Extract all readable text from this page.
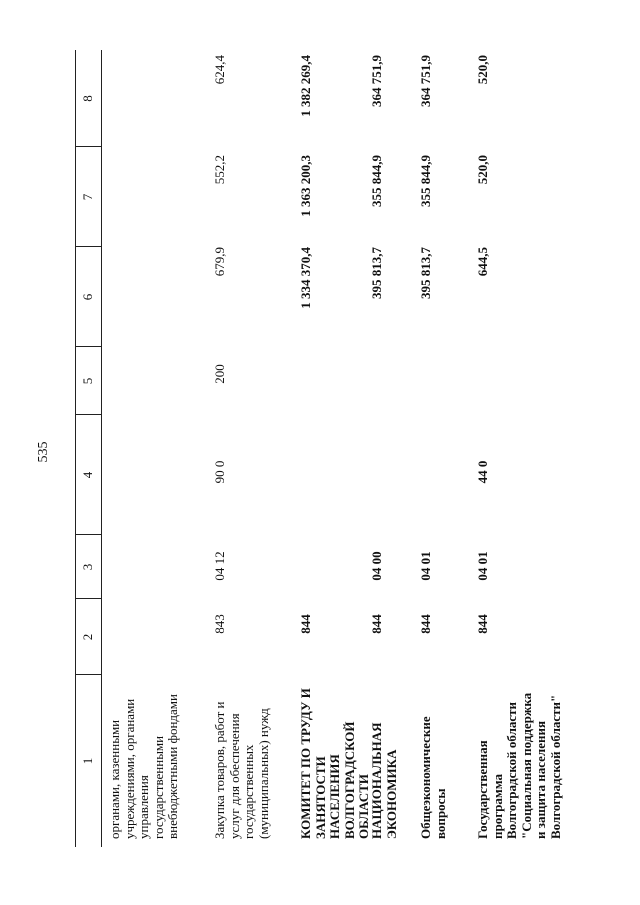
535
1
2
3
4
5
6
7
8
органами, казенными учреждениями, органами управления государственными внебюджетными фондами Закупка товаров, работ и услуг для обеспечения государственных (муниципальных) нужд
843
04 12
90 0
200
679,9
552,2
624,4
КОМИТЕТ ПО ТРУДУ И ЗАНЯТОСТИ НАСЕЛЕНИЯ ВОЛГОГРАДСКОЙ ОБЛАСТИ
844
1 334 370,4
1 363 200,3
1 382 269,4
НАЦИОНАЛЬНАЯ ЭКОНОМИКА
844
04 00
395 813,7
355 844,9
364 751,9
Общеэкономические вопросы
844
04 01
395 813,7
355 844,9
364 751,9
Государственная программа Волгоградской области "Социальная поддержка и защита населения Волгоградской области"
844
04 01
44 0
644,5
520,0
520,0
